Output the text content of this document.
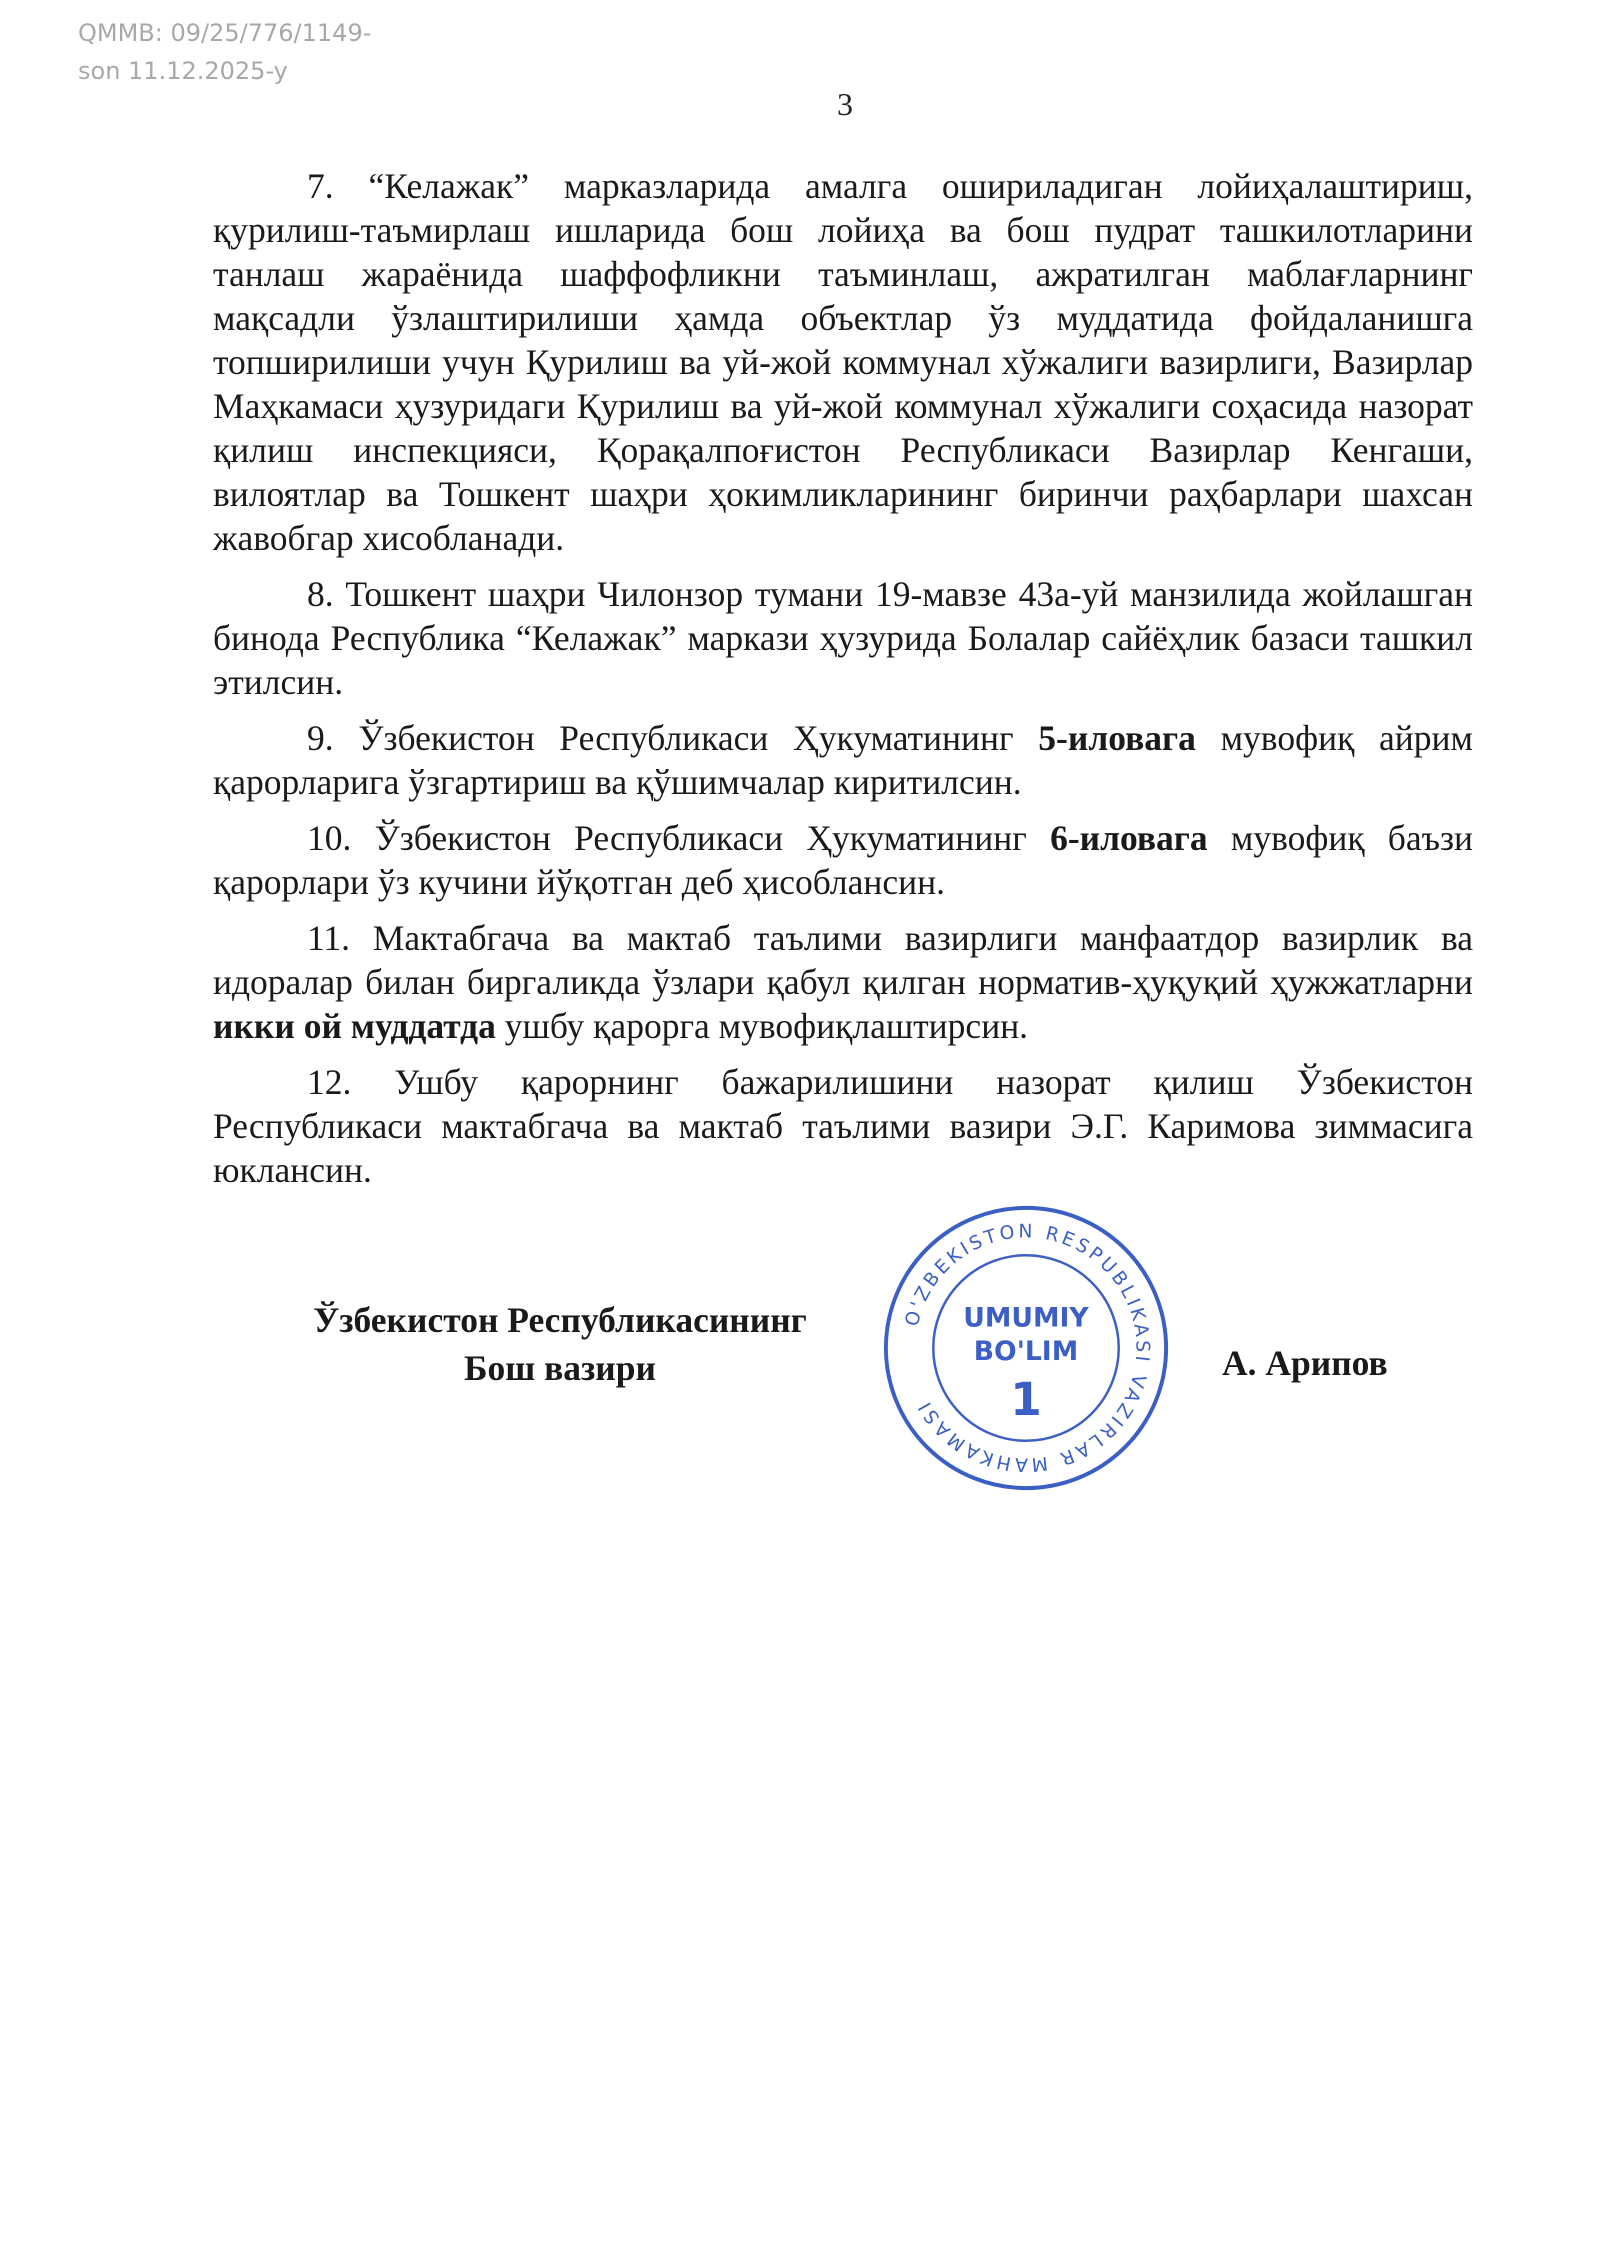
QMMB: 09/25/776/1149-
son 11.12.2025-y
3

7. “Келажак” марказларида амалга ошириладиган лойиҳалаштириш, қурилиш-таъмирлаш ишларида бош лойиҳа ва бош пудрат ташкилотларини танлаш жараёнида шаффофликни таъминлаш, ажратилган маблағларнинг мақсадли ўзлаштирилиши ҳамда объектлар ўз муддатида фойдаланишга топширилиши учун Қурилиш ва уй-жой коммунал хўжалиги вазирлиги, Вазирлар Маҳкамаси ҳузуридаги Қурилиш ва уй-жой коммунал хўжалиги соҳасида назорат қилиш инспекцияси, Қорақалпоғистон Республикаси Вазирлар Кенгаши, вилоятлар ва Тошкент шаҳри ҳокимликларининг биринчи раҳбарлари шахсан жавобгар хисобланади.

8. Тошкент шаҳри Чилонзор тумани 19-мавзе 43а-уй манзилида жойлашган бинода Республика “Келажак” маркази ҳузурида Болалар сайёҳлик базаси ташкил этилсин.

9. Ўзбекистон Республикаси Ҳукуматининг 5-иловага мувофиқ айрим қарорларига ўзгартириш ва қўшимчалар киритилсин.

10. Ўзбекистон Республикаси Ҳукуматининг 6-иловага мувофиқ баъзи қарорлари ўз кучини йўқотган деб ҳисоблансин.

11. Мактабгача ва мактаб таълими вазирлиги манфаатдор вазирлик ва идоралар билан биргаликда ўзлари қабул қилган норматив-ҳуқуқий ҳужжатларни икки ой муддатда ушбу қарорга мувофиқлаштирсин.

12. Ушбу қарорнинг бажарилишини назорат қилиш Ўзбекистон Республикаси мактабгача ва мактаб таълими вазири Э.Г. Каримова зиммасига юклансин.

Ўзбекистон Республикасининг
Бош вазири
O'ZBEKISTON RESPUBLIKASI VAZIRLAR MAHKAMASI
UMUMIY
BO'LIM
1
А. Арипов
